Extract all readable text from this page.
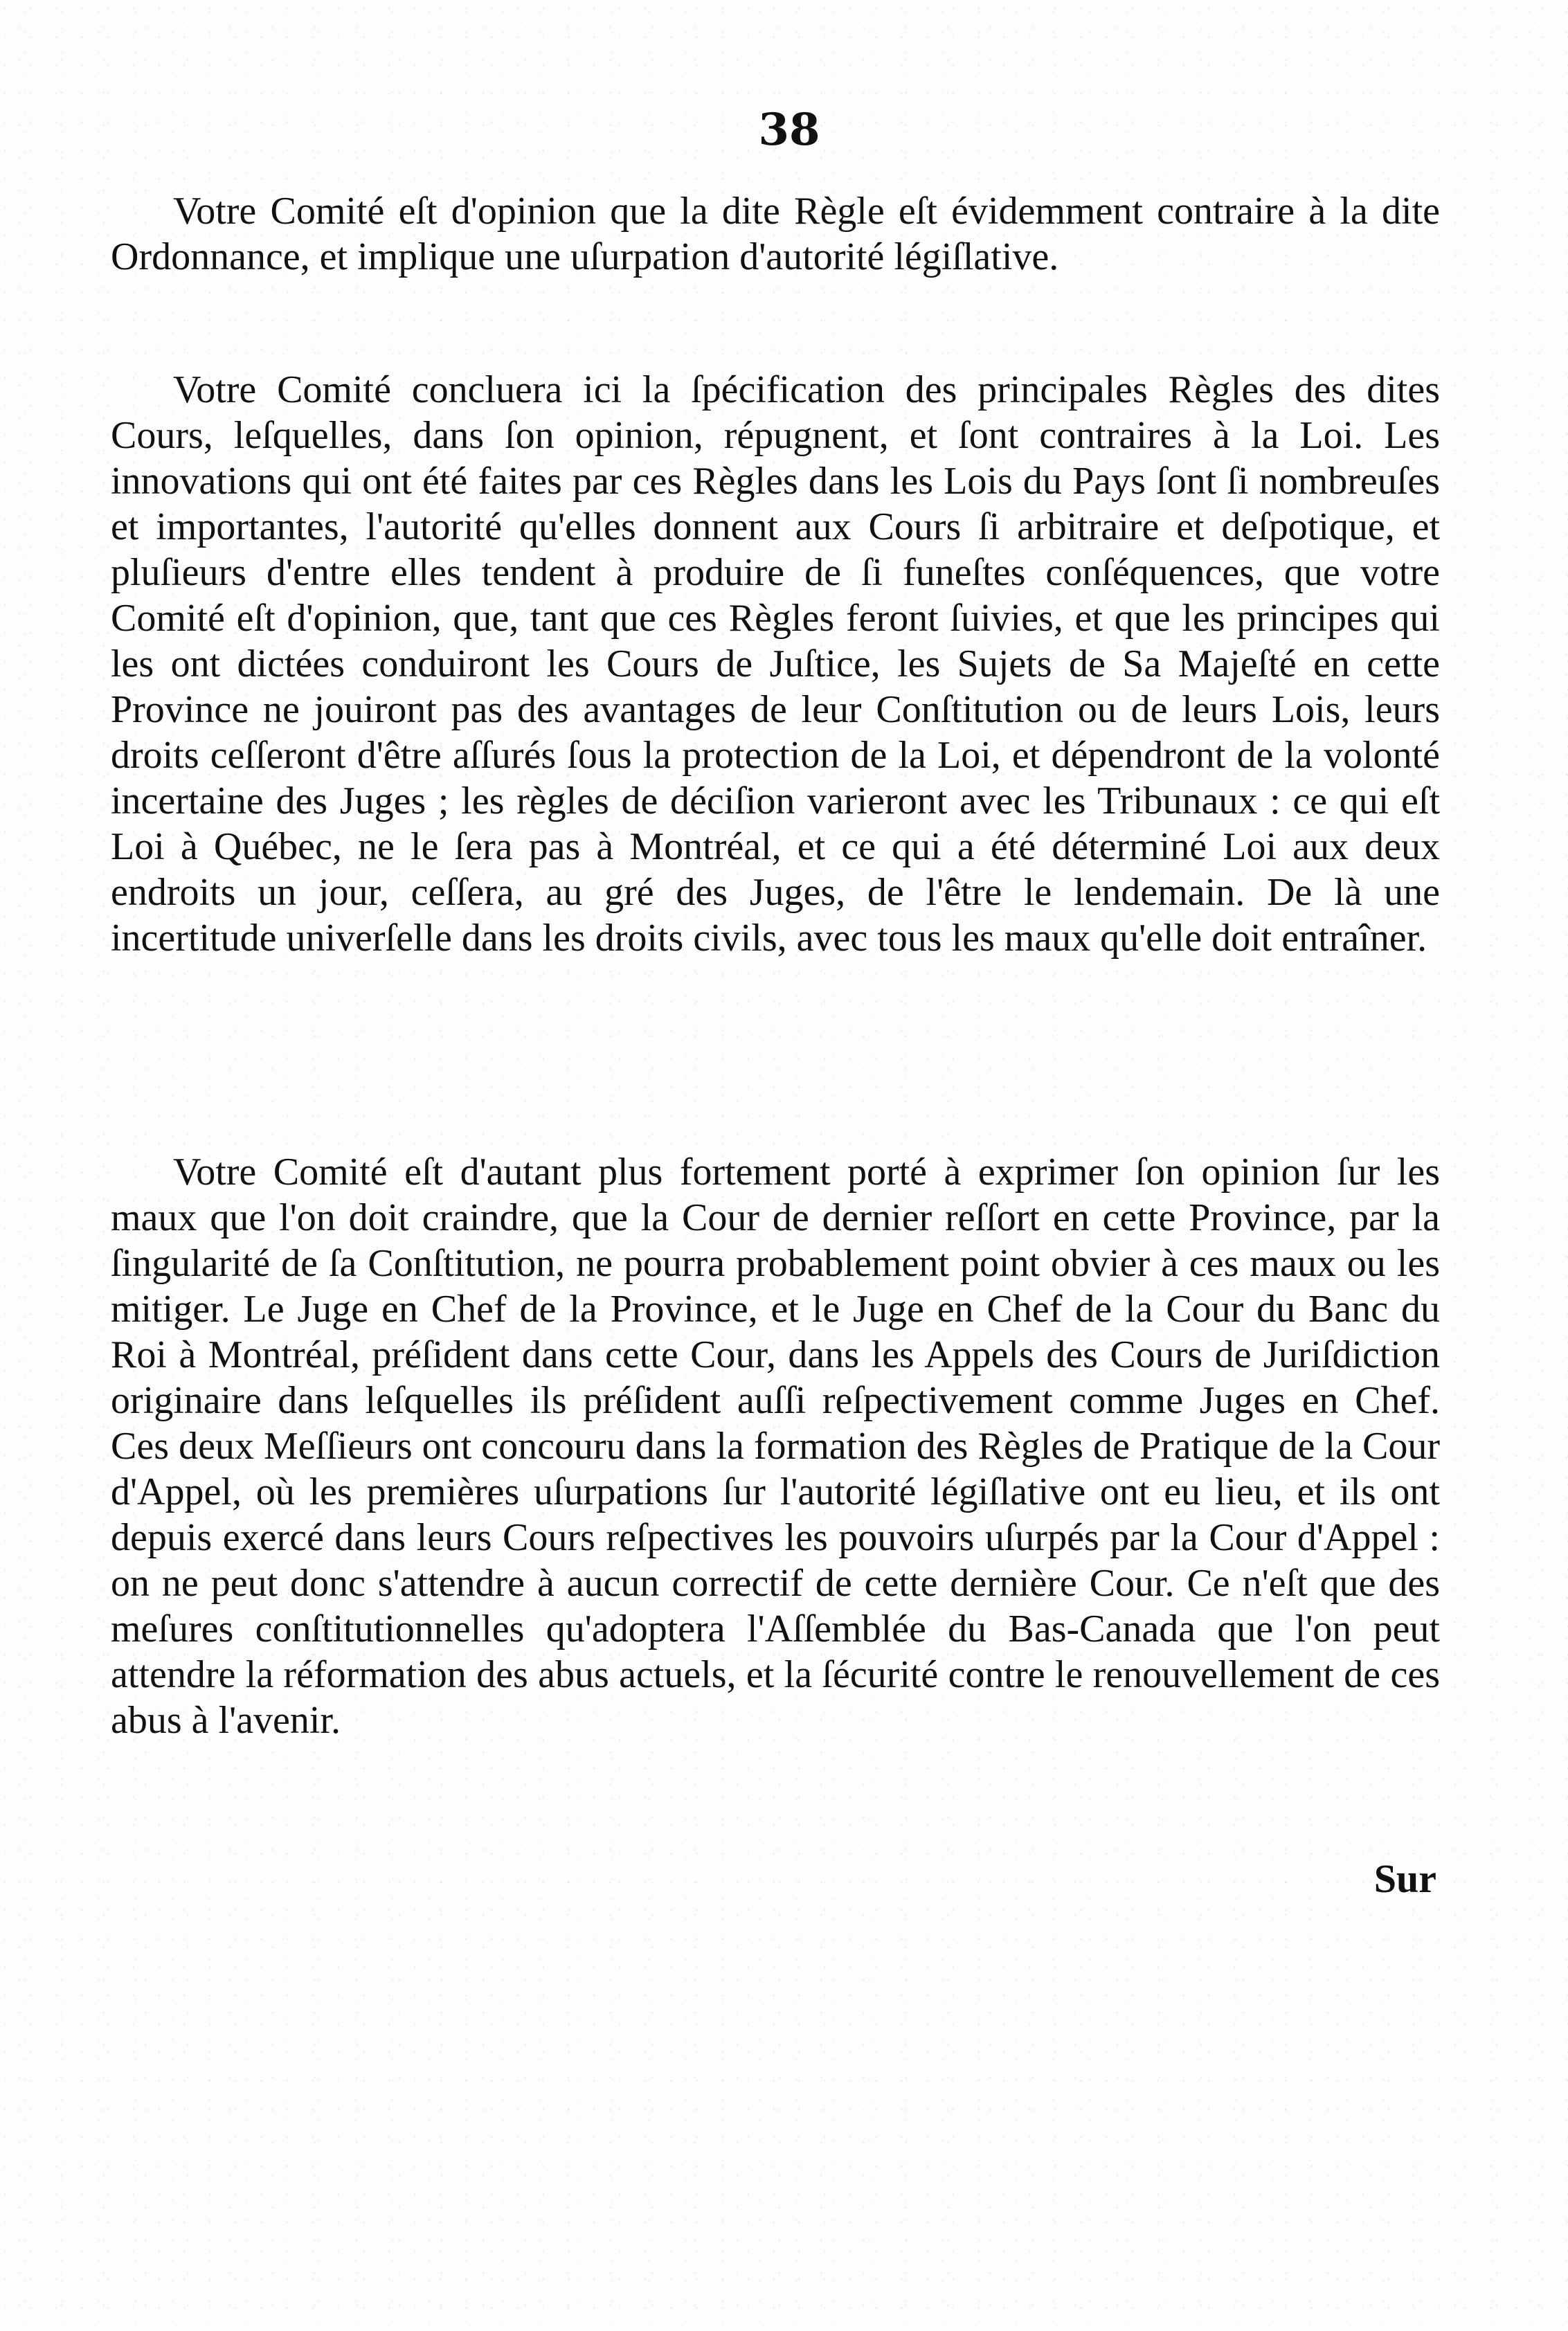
38

Votre Comité eſt d'opinion que la dite Règle eſt évidemment contraire à la dite Ordonnance, et implique une uſurpation d'autorité légiſlative.

Votre Comité concluera ici la ſpécification des principales Règles des dites Cours, leſquelles, dans ſon opinion, répugnent, et ſont contraires à la Loi. Les innovations qui ont été faites par ces Règles dans les Lois du Pays ſont ſi nombreuſes et importantes, l'autorité qu'elles donnent aux Cours ſi arbitraire et deſpotique, et pluſieurs d'entre elles tendent à produire de ſi funeſtes conſéquences, que votre Comité eſt d'opinion, que, tant que ces Règles feront ſuivies, et que les principes qui les ont dictées conduiront les Cours de Juſtice, les Sujets de Sa Majeſté en cette Province ne jouiront pas des avantages de leur Conſtitution ou de leurs Lois, leurs droits ceſſeront d'être aſſurés ſous la protection de la Loi, et dépendront de la volonté incertaine des Juges ; les règles de déciſion varieront avec les Tribunaux : ce qui eſt Loi à Québec, ne le ſera pas à Montréal, et ce qui a été déterminé Loi aux deux endroits un jour, ceſſera, au gré des Juges, de l'être le lendemain. De là une incertitude univerſelle dans les droits civils, avec tous les maux qu'elle doit entraîner.

Votre Comité eſt d'autant plus fortement porté à exprimer ſon opinion ſur les maux que l'on doit craindre, que la Cour de dernier reſſort en cette Province, par la ſingularité de ſa Conſtitution, ne pourra probablement point obvier à ces maux ou les mitiger. Le Juge en Chef de la Province, et le Juge en Chef de la Cour du Banc du Roi à Montréal, préſident dans cette Cour, dans les Appels des Cours de Juriſdiction originaire dans leſquelles ils préſident auſſi reſpectivement comme Juges en Chef. Ces deux Meſſieurs ont concouru dans la formation des Règles de Pratique de la Cour d'Appel, où les premières uſurpations ſur l'autorité légiſlative ont eu lieu, et ils ont depuis exercé dans leurs Cours reſpectives les pouvoirs uſurpés par la Cour d'Appel : on ne peut donc s'attendre à aucun correctif de cette dernière Cour. Ce n'eſt que des meſures conſtitutionnelles qu'adoptera l'Aſſemblée du Bas-Canada que l'on peut attendre la réformation des abus actuels, et la ſécurité contre le renouvellement de ces abus à l'avenir.

Sur
